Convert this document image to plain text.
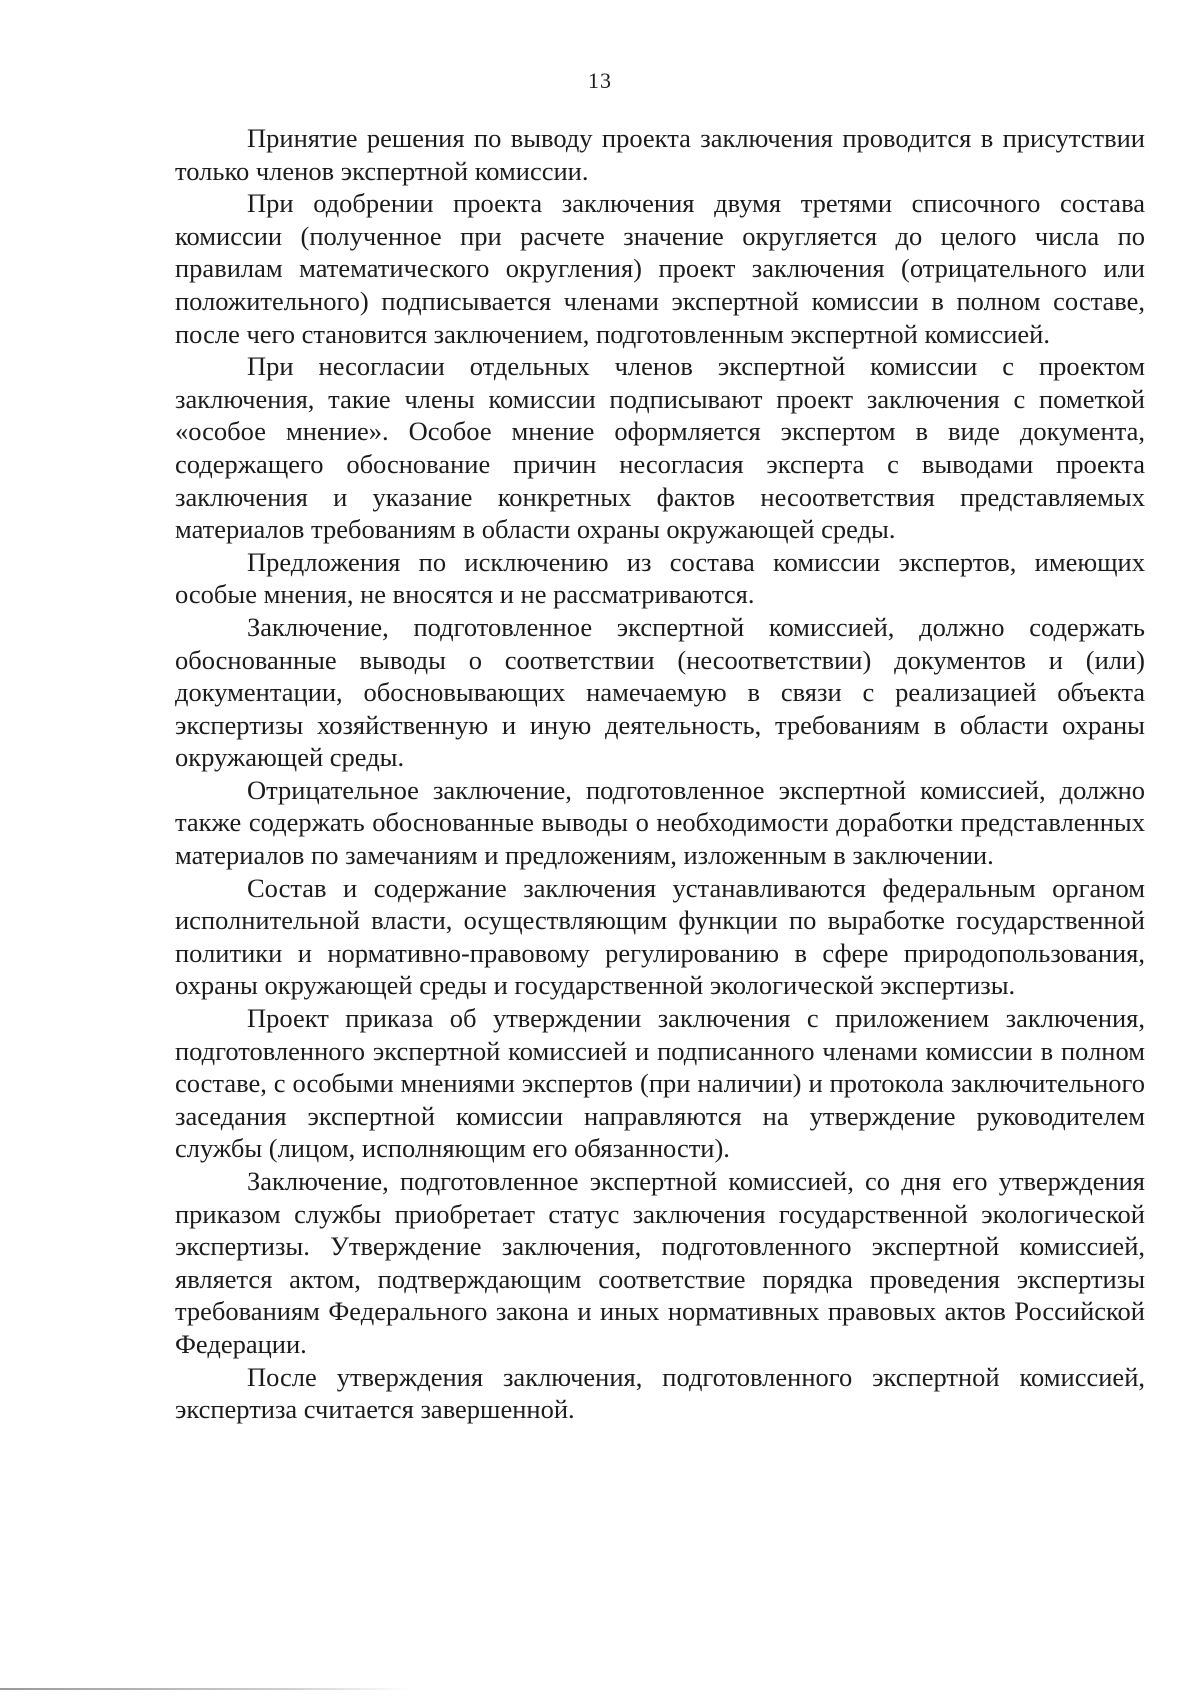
13

Принятие решения по выводу проекта заключения проводится в присутствии только членов экспертной комиссии.

При одобрении проекта заключения двумя третями списочного состава комиссии (полученное при расчете значение округляется до целого числа по правилам математического округления) проект заключения (отрицательного или положительного) подписывается членами экспертной комиссии в полном составе, после чего становится заключением, подготовленным экспертной комиссией.

При несогласии отдельных членов экспертной комиссии с проектом заключения, такие члены комиссии подписывают проект заключения с пометкой «особое мнение». Особое мнение оформляется экспертом в виде документа, содержащего обоснование причин несогласия эксперта с выводами проекта заключения и указание конкретных фактов несоответствия представляемых материалов требованиям в области охраны окружающей среды.

Предложения по исключению из состава комиссии экспертов, имеющих особые мнения, не вносятся и не рассматриваются.

Заключение, подготовленное экспертной комиссией, должно содержать обоснованные выводы о соответствии (несоответствии) документов и (или) документации, обосновывающих намечаемую в связи с реализацией объекта экспертизы хозяйственную и иную деятельность, требованиям в области охраны окружающей среды.

Отрицательное заключение, подготовленное экспертной комиссией, должно также содержать обоснованные выводы о необходимости доработки представленных материалов по замечаниям и предложениям, изложенным в заключении.

Состав и содержание заключения устанавливаются федеральным органом исполнительной власти, осуществляющим функции по выработке государственной политики и нормативно-правовому регулированию в сфере природопользования, охраны окружающей среды и государственной экологической экспертизы.

Проект приказа об утверждении заключения с приложением заключения, подготовленного экспертной комиссией и подписанного членами комиссии в полном составе, с особыми мнениями экспертов (при наличии) и протокола заключительного заседания экспертной комиссии направляются на утверждение руководителем службы (лицом, исполняющим его обязанности).

Заключение, подготовленное экспертной комиссией, со дня его утверждения приказом службы приобретает статус заключения государственной экологической экспертизы. Утверждение заключения, подготовленного экспертной комиссией, является актом, подтверждающим соответствие порядка проведения экспертизы требованиям Федерального закона и иных нормативных правовых актов Российской Федерации.

После утверждения заключения, подготовленного экспертной комиссией, экспертиза считается завершенной.
